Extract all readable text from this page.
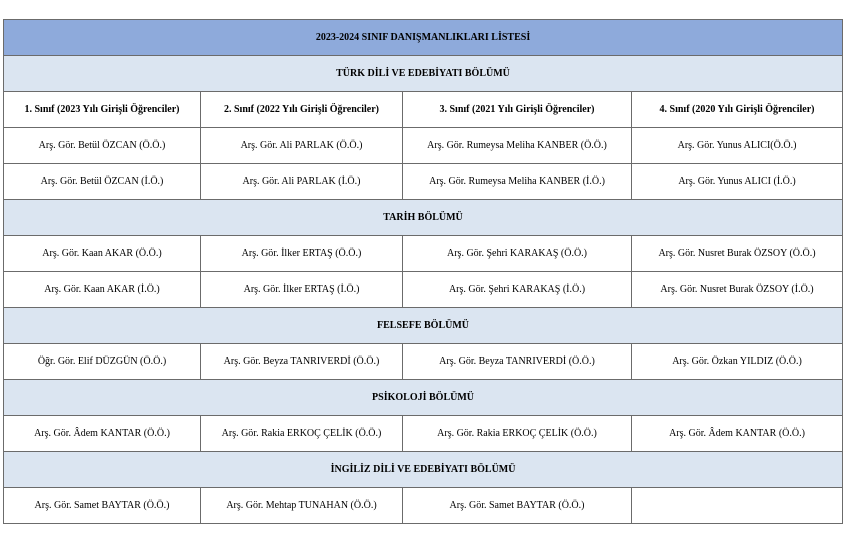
2023-2024 SINIF DANIŞMANLIKLARI LİSTESİ			
TÜRK DİLİ VE EDEBİYATI BÖLÜMÜ			
1. Sınıf (2023 Yılı Girişli Öğrenciler)	2. Sınıf (2022 Yılı Girişli Öğrenciler)	3. Sınıf (2021 Yılı Girişli Öğrenciler)	4. Sınıf (2020 Yılı Girişli Öğrenciler)
Arş. Gör. Betül ÖZCAN (Ö.Ö.)	Arş. Gör. Ali PARLAK (Ö.Ö.)	Arş. Gör. Rumeysa Meliha KANBER (Ö.Ö.)	Arş. Gör. Yunus ALICI(Ö.Ö.)
Arş. Gör. Betül ÖZCAN (İ.Ö.)	Arş. Gör. Ali PARLAK (İ.Ö.)	Arş. Gör. Rumeysa Meliha KANBER (İ.Ö.)	Arş. Gör. Yunus ALICI (İ.Ö.)
TARİH BÖLÜMÜ			
Arş. Gör. Kaan AKAR (Ö.Ö.)	Arş. Gör. İlker ERTAŞ (Ö.Ö.)	Arş. Gör. Şehri KARAKAŞ (Ö.Ö.)	Arş. Gör. Nusret Burak ÖZSOY (Ö.Ö.)
Arş. Gör. Kaan AKAR (İ.Ö.)	Arş. Gör. İlker ERTAŞ (İ.Ö.)	Arş. Gör. Şehri KARAKAŞ (İ.Ö.)	Arş. Gör. Nusret Burak ÖZSOY (İ.Ö.)
FELSEFE BÖLÜMÜ			
Öğr. Gör. Elif DÜZGÜN (Ö.Ö.)	Arş. Gör. Beyza TANRIVERDİ (Ö.Ö.)	Arş. Gör. Beyza TANRIVERDİ (Ö.Ö.)	Arş. Gör. Özkan YILDIZ (Ö.Ö.)
PSİKOLOJİ BÖLÜMÜ			
Arş. Gör. Âdem KANTAR (Ö.Ö.)	Arş. Gör. Rakia ERKOÇ ÇELİK (Ö.Ö.)	Arş. Gör. Rakia ERKOÇ ÇELİK (Ö.Ö.)	Arş. Gör. Âdem KANTAR (Ö.Ö.)
İNGİLİZ DİLİ VE EDEBİYATI BÖLÜMÜ			
Arş. Gör. Samet BAYTAR (Ö.Ö.)	Arş. Gör. Mehtap TUNAHAN (Ö.Ö.)	Arş. Gör. Samet BAYTAR (Ö.Ö.)	
